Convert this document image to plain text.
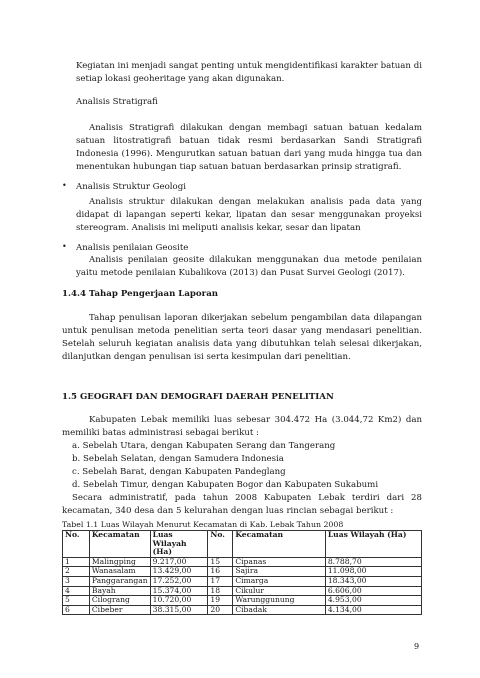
Kegiatan ini menjadi sangat penting untuk mengidentifikasi karakter batuan di

setiap lokasi geoheritage yang akan digunakan.

Analisis Stratigrafi

Analisis Stratigrafi dilakukan dengan membagi satuan batuan kedalam

satuan litostratigrafi batuan tidak resmi berdasarkan Sandi Stratigrafi

Indonesia (1996). Mengurutkan satuan batuan dari yang muda hingga tua dan

menentukan hubungan tiap satuan batuan berdasarkan prinsip stratigrafi.

• Analisis Struktur Geologi

Analisis struktur dilakukan dengan melakukan analisis pada data yang

didapat di lapangan seperti kekar, lipatan dan sesar menggunakan proyeksi

stereogram. Analisis ini meliputi analisis kekar, sesar dan lipatan

• Analisis penilaian Geosite

Analisis penilaian geosite dilakukan menggunakan dua metode penilaian

yaitu metode penilaian Kubalikova (2013) dan Pusat Survei Geologi (2017).

1.4.4 Tahap Pengerjaan Laporan

Tahap penulisan laporan dikerjakan sebelum pengambilan data dilapangan

untuk penulisan metoda penelitian serta teori dasar yang mendasari penelitian.

Setelah seluruh kegiatan analisis data yang dibutuhkan telah selesai dikerjakan,

dilanjutkan dengan penulisan isi serta kesimpulan dari penelitian.

1.5 GEOGRAFI DAN DEMOGRAFI DAERAH PENELITIAN

Kabupaten Lebak memiliki luas sebesar 304.472 Ha (3.044,72 Km2) dan

memiliki batas administrasi sebagai berikut :

a. Sebelah Utara, dengan Kabupaten Serang dan Tangerang

b. Sebelah Selatan, dengan Samudera Indonesia

c. Sebelah Barat, dengan Kabupaten Pandeglang

d. Sebelah Timur, dengan Kabupaten Bogor dan Kabupaten Sukabumi

Secara administratif, pada tahun 2008 Kabupaten Lebak terdiri dari 28

kecamatan, 340 desa dan 5 kelurahan dengan luas rincian sebagai berikut :

Tabel 1.1 Luas Wilayah Menurut Kecamatan di Kab. Lebak Tahun 2008

No.	Kecamatan	Luas Wilayah (Ha)	No.	Kecamatan	Luas Wilayah (Ha)
1	Malingping	9.217,00	15	Cipanas	8.788,70
2	Wanasalam	13.429,00	16	Sajira	11.098,00
3	Panggarangan	17.252,00	17	Cimarga	18.343,00
4	Bayah	15.374,00	18	Cikulur	6.606,00
5	Cilograng	10.720,00	19	Warunggunung	4.953,00
6	Cibeber	38.315,00	20	Cibadak	4.134,00
9
